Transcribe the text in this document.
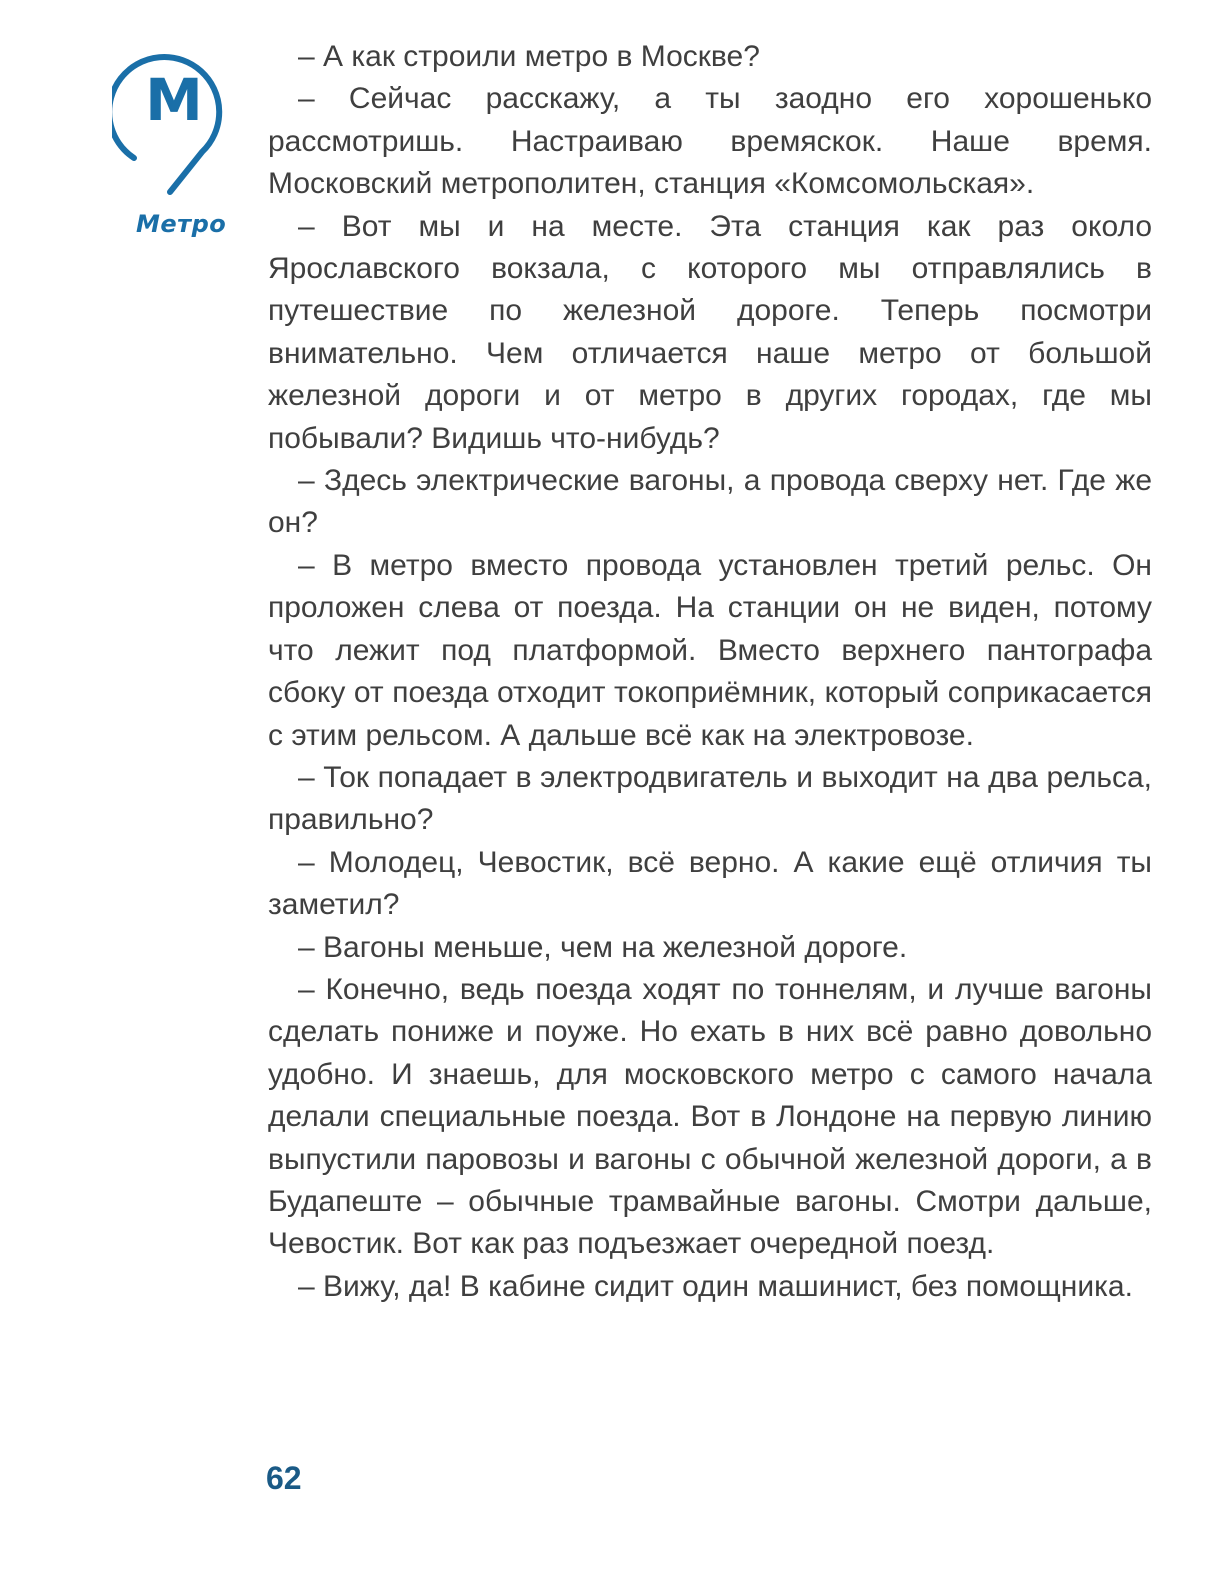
M
Метро

– А как строили метро в Москве?

– Сейчас расскажу, а ты заодно его хорошенько рассмотришь. Настраиваю времяскок. Наше время. Московский метрополитен, станция «Комсомольская».

– Вот мы и на месте. Эта станция как раз около Ярославского вокзала, с которого мы отправлялись в путешествие по железной дороге. Теперь посмотри внимательно. Чем отличается наше метро от большой железной дороги и от метро в других городах, где мы побывали? Видишь что-нибудь?

– Здесь электрические вагоны, а провода сверху нет. Где же он?

– В метро вместо провода установлен третий рельс. Он проложен слева от поезда. На станции он не виден, потому что лежит под платформой. Вместо верхнего пантографа сбоку от поезда отходит токоприёмник, который соприкасается с этим рельсом. А дальше всё как на электровозе.

– Ток попадает в электродвигатель и выходит на два рельса, правильно?

– Молодец, Чевостик, всё верно. А какие ещё отличия ты заметил?

– Вагоны меньше, чем на железной дороге.

– Конечно, ведь поезда ходят по тоннелям, и лучше вагоны сделать пониже и поуже. Но ехать в них всё равно довольно удобно. И знаешь, для московского метро с самого начала делали специальные поезда. Вот в Лондоне на первую линию выпустили паровозы и вагоны с обычной железной дороги, а в Будапеште – обычные трамвайные вагоны. Смотри дальше, Чевостик. Вот как раз подъезжает очередной поезд.

– Вижу, да! В кабине сидит один машинист, без помощника.

62
